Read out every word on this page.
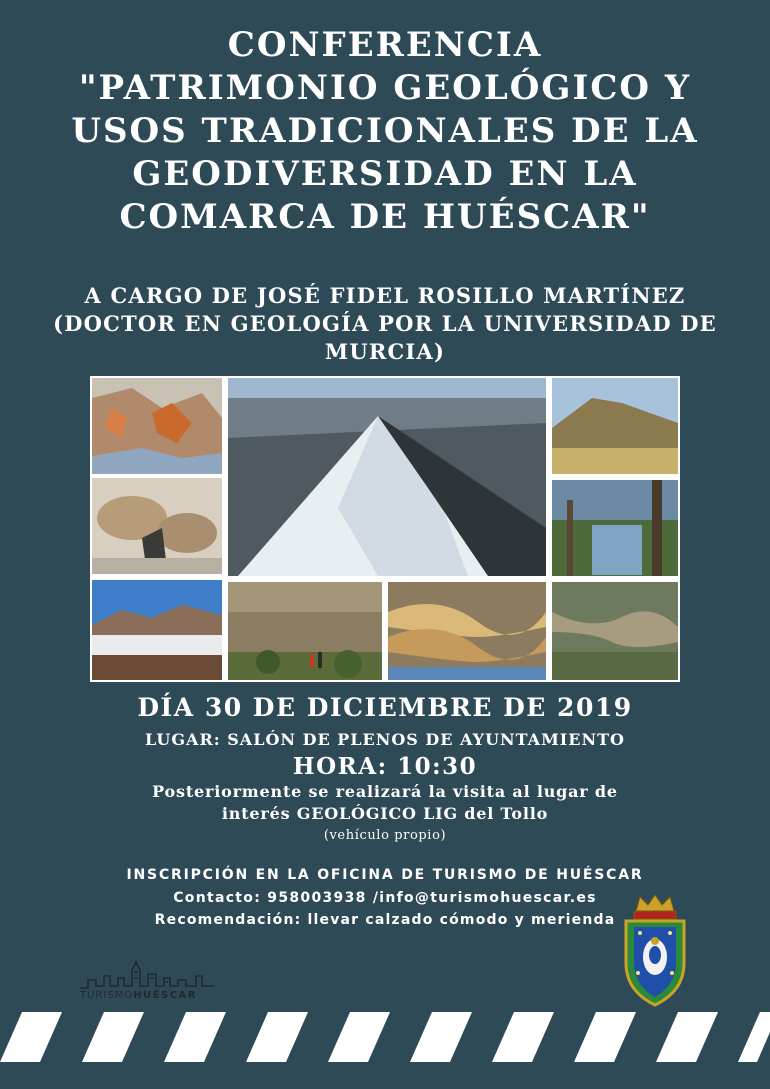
CONFERENCIA
"PATRIMONIO GEOLÓGICO Y
USOS TRADICIONALES DE LA
GEODIVERSIDAD EN LA
COMARCA DE HUÉSCAR"
A CARGO DE JOSÉ FIDEL ROSILLO MARTÍNEZ
(DOCTOR EN GEOLOGÍA POR LA UNIVERSIDAD DE
MURCIA)
DÍA 30 DE DICIEMBRE DE 2019
LUGAR: SALÓN DE PLENOS DE AYUNTAMIENTO
HORA: 10:30
Posteriormente se realizará la visita al lugar de
interés GEOLÓGICO LIG del Tollo
(vehículo propio)
INSCRIPCIÓN EN LA OFICINA DE TURISMO DE HUÉSCAR
Contacto: 958003938 /info@turismohuescar.es
Recomendación: llevar calzado cómodo y merienda
TURISMOHUÉSCAR
